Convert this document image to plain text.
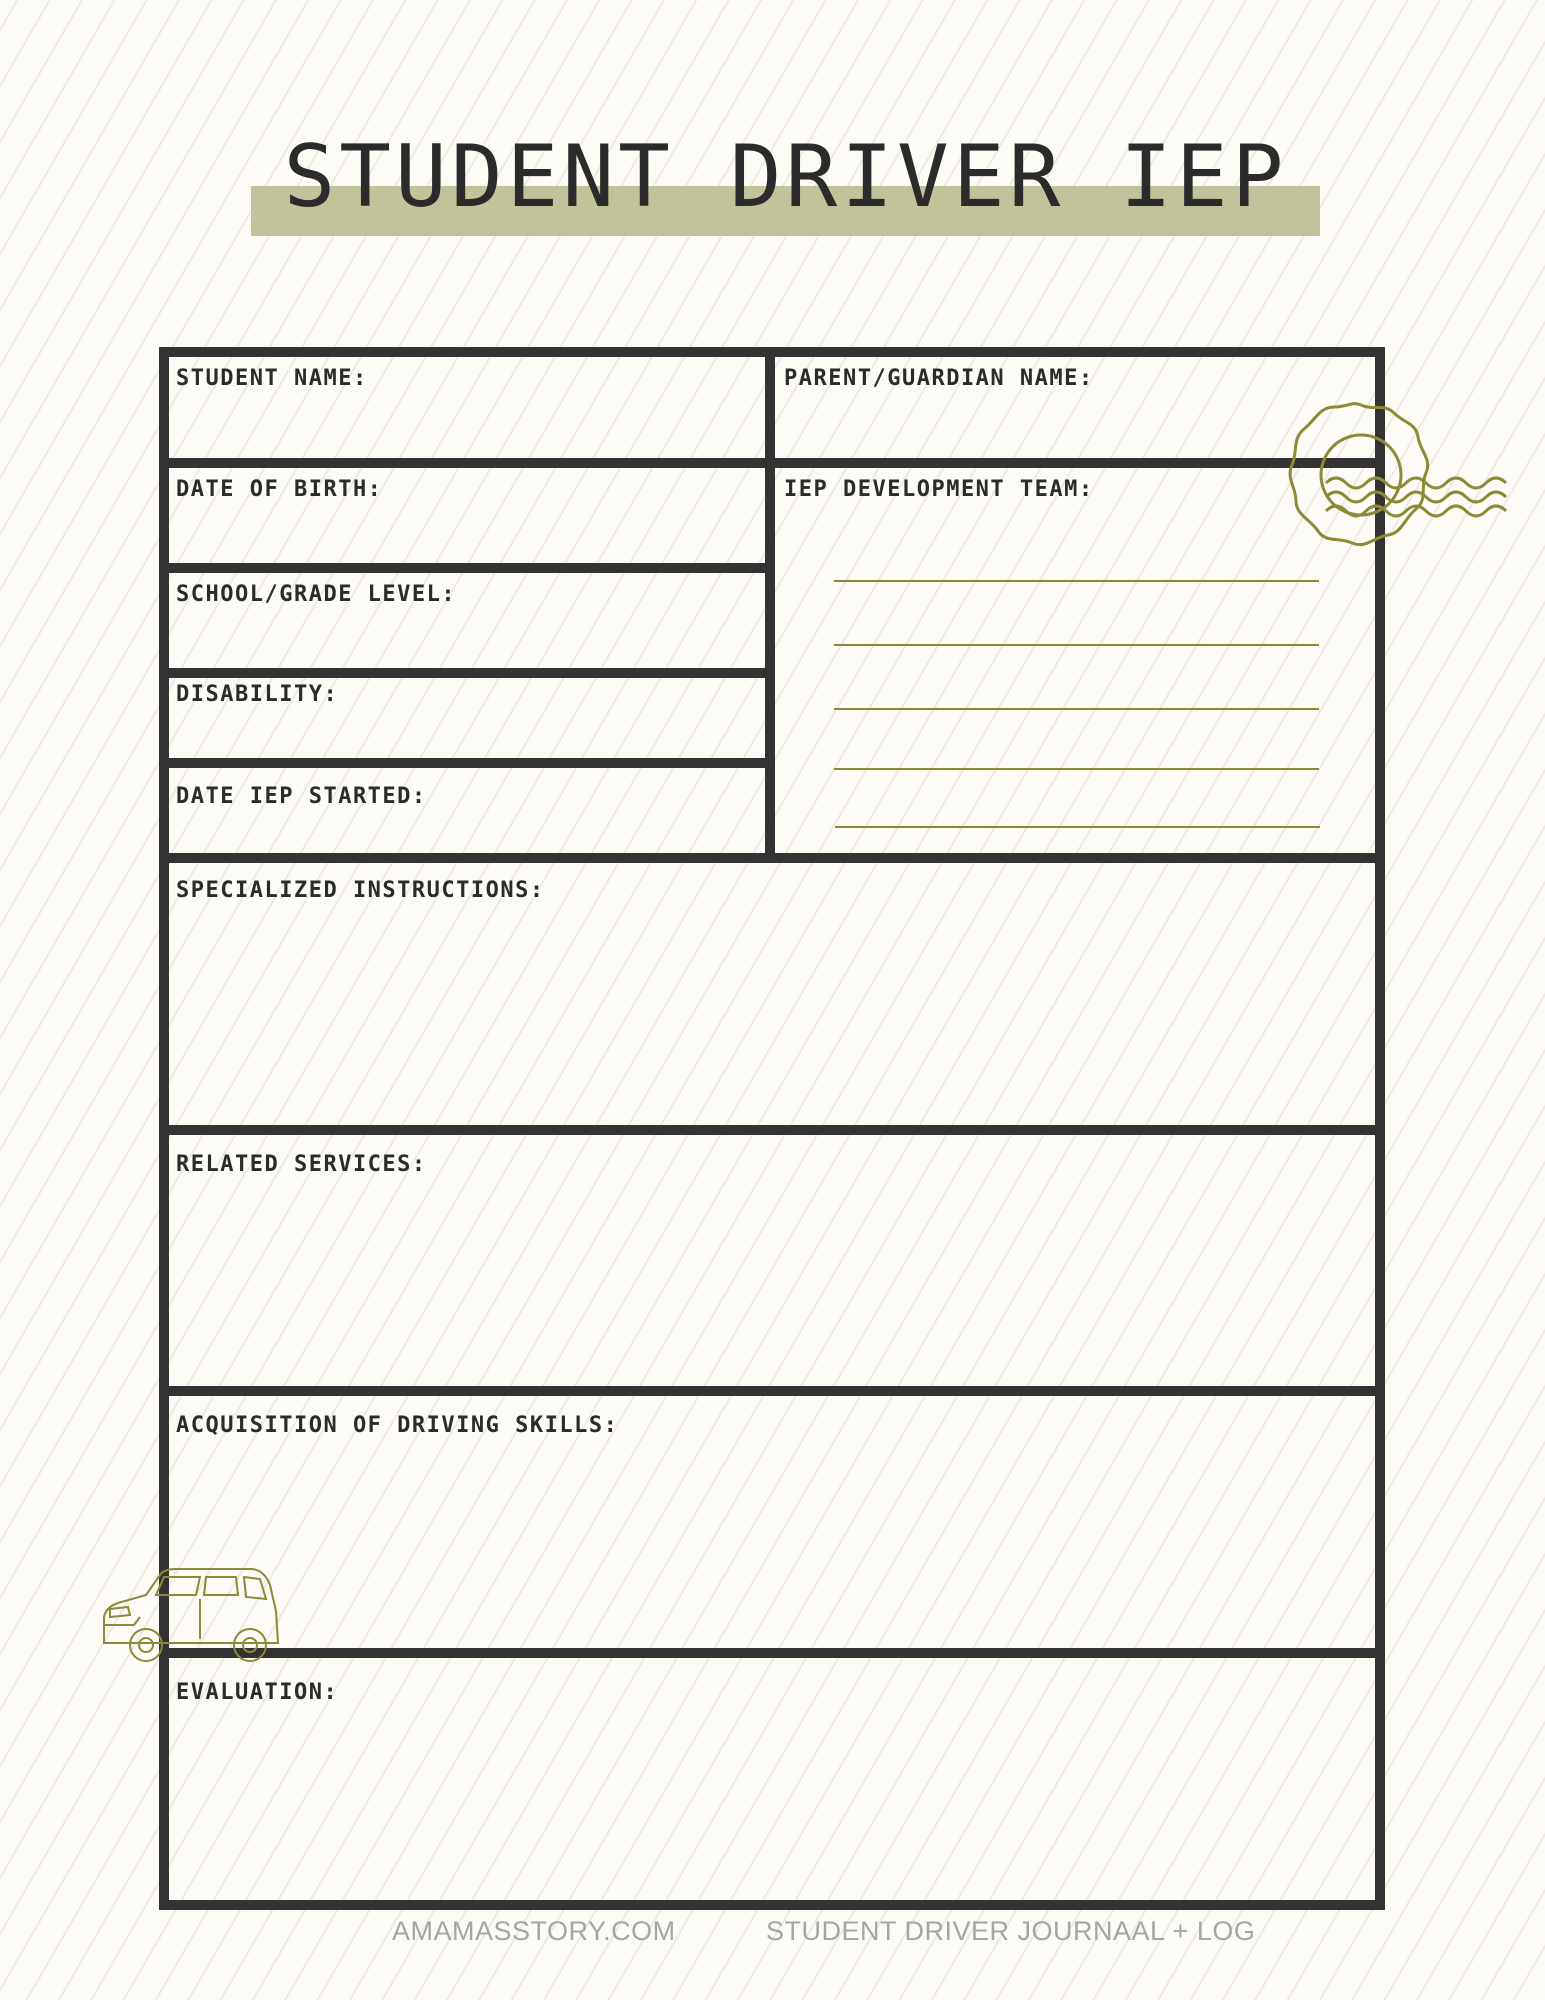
STUDENT DRIVER IEP

STUDENT NAME:	PARENT/GUARDIAN NAME:

DATE OF BIRTH:	IEP DEVELOPMENT TEAM:

SCHOOL/GRADE LEVEL:

DISABILITY:

DATE IEP STARTED:

SPECIALIZED INSTRUCTIONS:

RELATED SERVICES:

ACQUISITION OF DRIVING SKILLS:

EVALUATION:

AMAMASSTORY.COM	STUDENT DRIVER JOURNAAL + LOG
